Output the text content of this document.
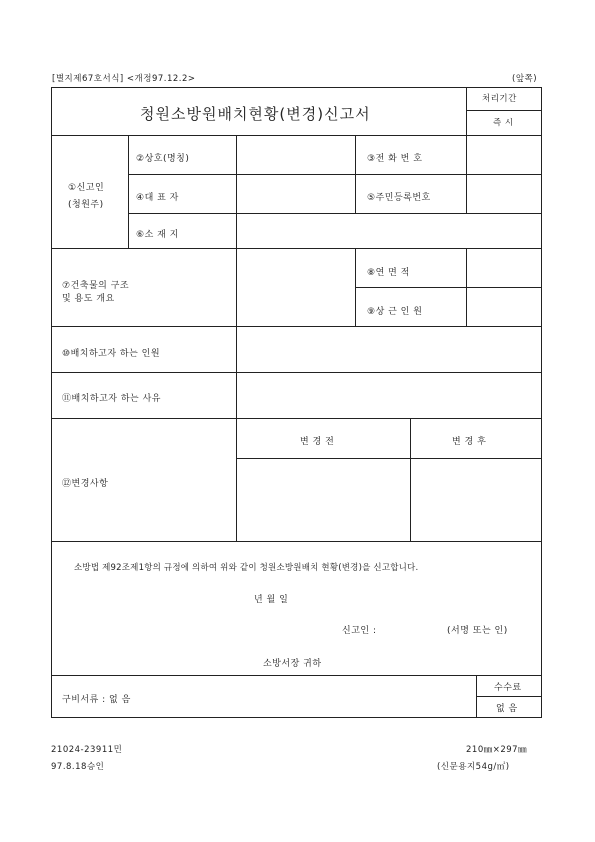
[별지제67호서식] <개정97.12.2>	(앞쪽)
청원소방원배치현황(변경)신고서
처리기간
즉 시
①신고인
(청원주)
②상호(명칭)	③전 화 번 호
④대 표 자	⑤주민등록번호
⑥소 재 지
⑦건축물의 구조
및 용도 개요
⑧연 면 적
⑨상 근 인 원
⑩배치하고자 하는 인원
⑪배치하고자 하는 사유
⑫변경사항
변 경 전	변 경 후
소방법 제92조제1항의 규정에 의하여 위와 같이 청원소방원배치 현황(변경)을 신고합니다.
년 월 일
신고인 :	(서명 또는 인)
소방서장 귀하
구비서류 : 없 음
수수료
없 음
21024-23911민
97.8.18승인
210㎜×297㎜
(신문용지54g/㎡)
